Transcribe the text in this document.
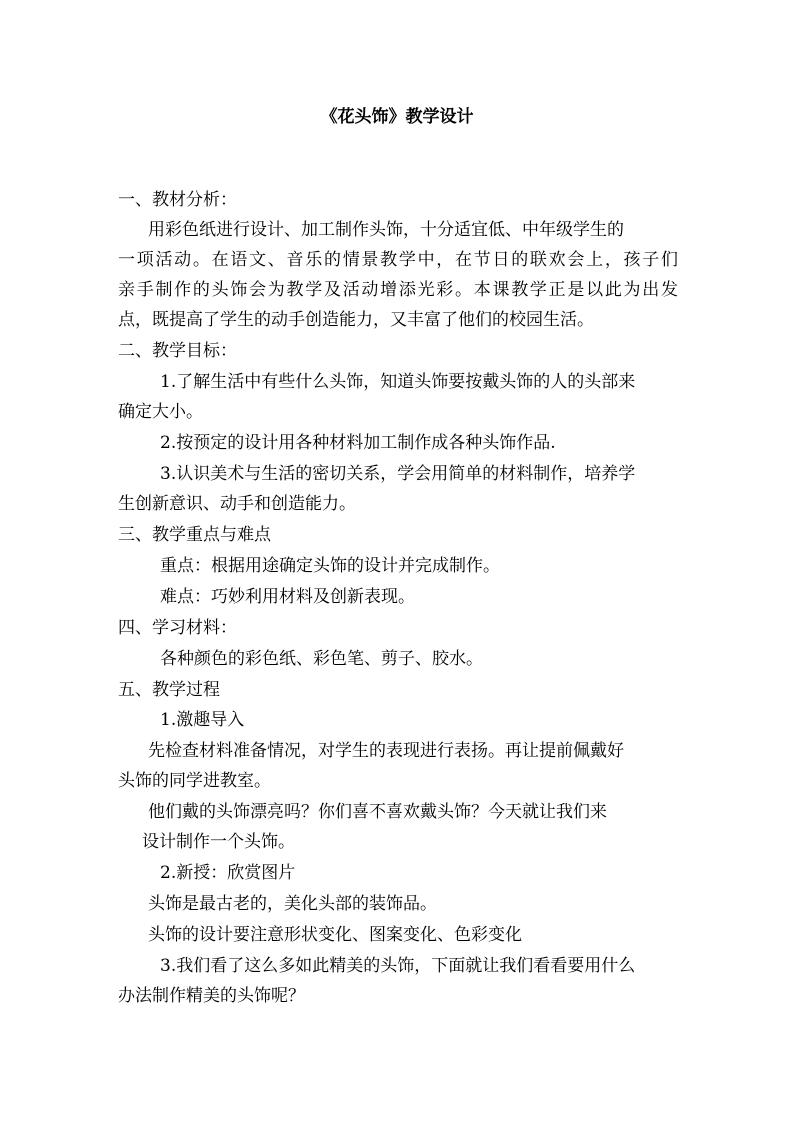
《花头饰》教学设计
一、教材分析：
用彩色纸进行设计、加工制作头饰，十分适宜低、中年级学生的
一项活动。在语文、音乐的情景教学中，在节日的联欢会上，孩子们
亲手制作的头饰会为教学及活动增添光彩。本课教学正是以此为出发
点，既提高了学生的动手创造能力，又丰富了他们的校园生活。
二、教学目标：
1.了解生活中有些什么头饰，知道头饰要按戴头饰的人的头部来
确定大小。
2.按预定的设计用各种材料加工制作成各种头饰作品.
3.认识美术与生活的密切关系，学会用简单的材料制作，培养学
生创新意识、动手和创造能力。
三、教学重点与难点
重点：根据用途确定头饰的设计并完成制作。
难点：巧妙利用材料及创新表现。
四、学习材料：
各种颜色的彩色纸、彩色笔、剪子、胶水。
五、教学过程
1.激趣导入
先检查材料准备情况，对学生的表现进行表扬。再让提前佩戴好
头饰的同学进教室。
他们戴的头饰漂亮吗？你们喜不喜欢戴头饰？今天就让我们来
设计制作一个头饰。
2.新授：欣赏图片
头饰是最古老的，美化头部的装饰品。
头饰的设计要注意形状变化、图案变化、色彩变化
3.我们看了这么多如此精美的头饰，下面就让我们看看要用什么
办法制作精美的头饰呢？
